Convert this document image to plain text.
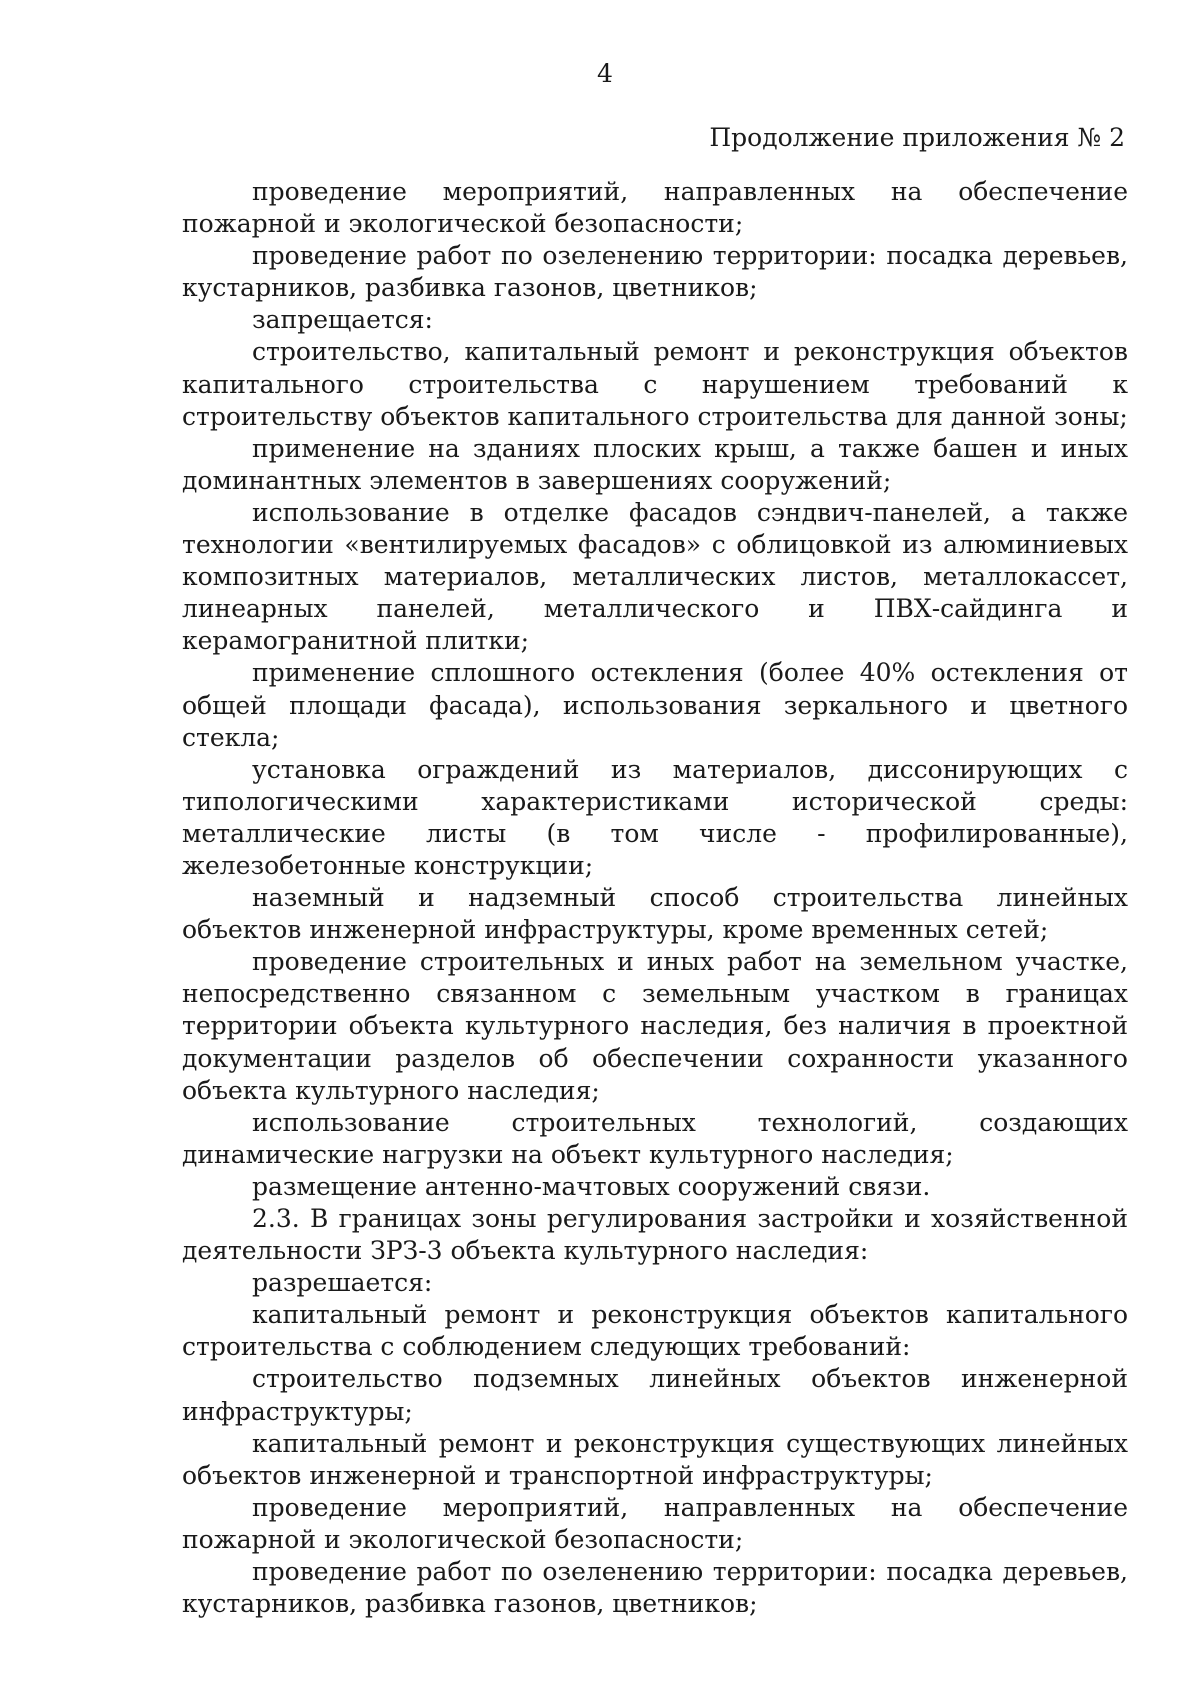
4
Продолжение приложения № 2

проведение мероприятий, направленных на обеспечение пожарной и экологической безопасности;

проведение работ по озеленению территории: посадка деревьев, кустарников, разбивка газонов, цветников;

запрещается:

строительство, капитальный ремонт и реконструкция объектов капитального строительства с нарушением требований к строительству объектов капитального строительства для данной зоны;

применение на зданиях плоских крыш, а также башен и иных доминантных элементов в завершениях сооружений;

использование в отделке фасадов сэндвич-панелей, а также технологии «вентилируемых фасадов» с облицовкой из алюминиевых композитных материалов, металлических листов, металлокассет, линеарных панелей, металлического и ПВХ-сайдинга и керамогранитной плитки;

применение сплошного остекления (более 40% остекления от общей площади фасада), использования зеркального и цветного стекла;

установка ограждений из материалов, диссонирующих с типологическими характеристиками исторической среды: металлические листы (в том числе - профилированные), железобетонные конструкции;

наземный и надземный способ строительства линейных объектов инженерной инфраструктуры, кроме временных сетей;

проведение строительных и иных работ на земельном участке, непосредственно связанном с земельным участком в границах территории объекта культурного наследия, без наличия в проектной документации разделов об обеспечении сохранности указанного объекта культурного наследия;

использование строительных технологий, создающих динамические нагрузки на объект культурного наследия;

размещение антенно-мачтовых сооружений связи.

2.3. В границах зоны регулирования застройки и хозяйственной деятельности ЗРЗ-3 объекта культурного наследия:

разрешается:

капитальный ремонт и реконструкция объектов капитального строительства с соблюдением следующих требований:

строительство подземных линейных объектов инженерной инфраструктуры;

капитальный ремонт и реконструкция существующих линейных объектов инженерной и транспортной инфраструктуры;

проведение мероприятий, направленных на обеспечение пожарной и экологической безопасности;

проведение работ по озеленению территории: посадка деревьев, кустарников, разбивка газонов, цветников;
